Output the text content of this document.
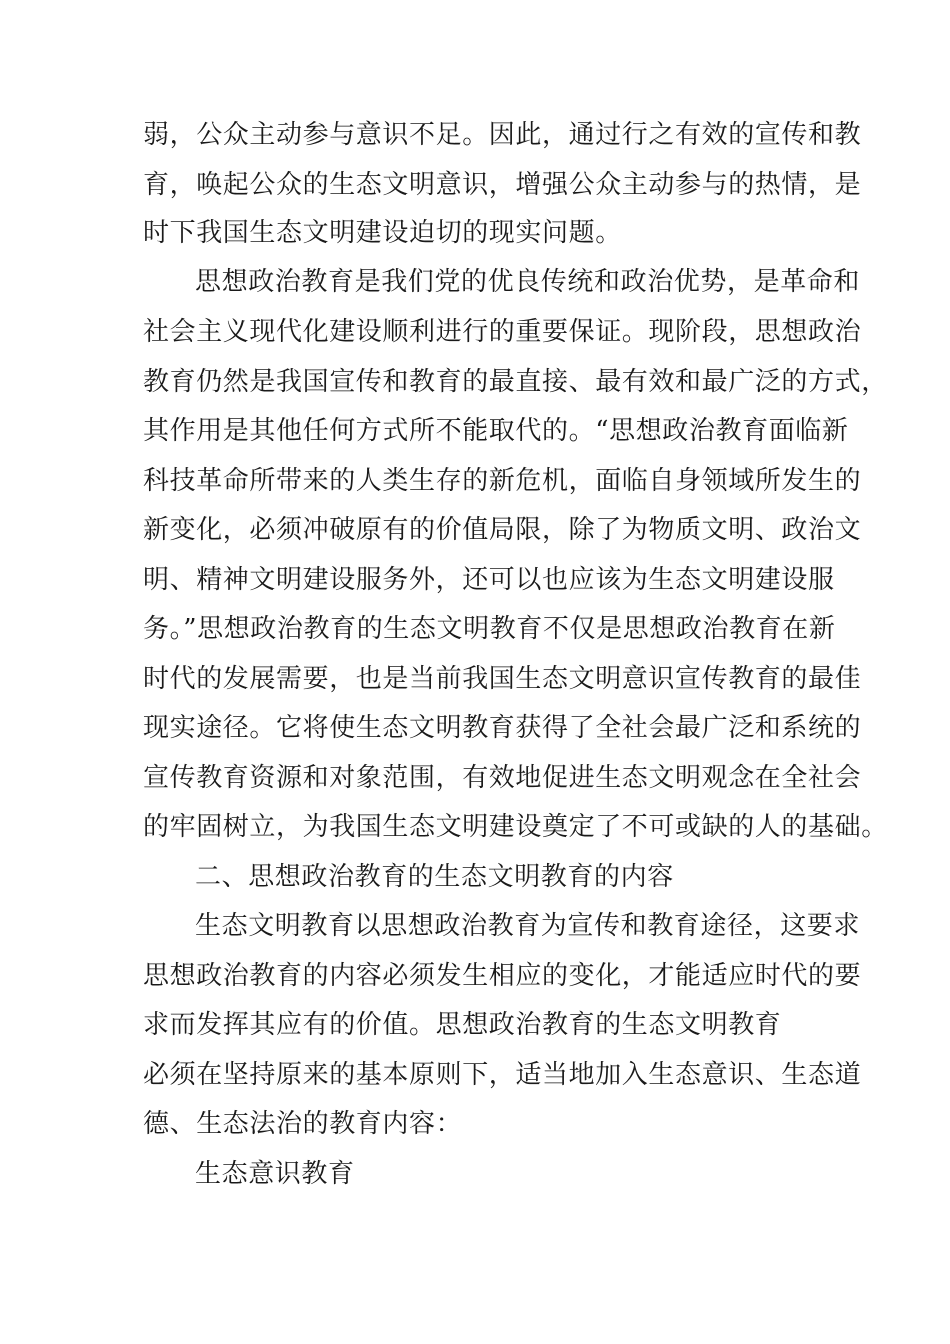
弱，公众主动参与意识不足。因此，通过行之有效的宣传和教
育，唤起公众的生态文明意识，增强公众主动参与的热情，是
时下我国生态文明建设迫切的现实问题。
思想政治教育是我们党的优良传统和政治优势，是革命和
社会主义现代化建设顺利进行的重要保证。现阶段，思想政治
教育仍然是我国宣传和教育的最直接、最有效和最广泛的方式，
其作用是其他任何方式所不能取代的。“思想政治教育面临新
科技革命所带来的人类生存的新危机，面临自身领域所发生的
新变化，必须冲破原有的价值局限，除了为物质文明、政治文
明、精神文明建设服务外，还可以也应该为生态文明建设服
务。”思想政治教育的生态文明教育不仅是思想政治教育在新
时代的发展需要，也是当前我国生态文明意识宣传教育的最佳
现实途径。它将使生态文明教育获得了全社会最广泛和系统的
宣传教育资源和对象范围，有效地促进生态文明观念在全社会
的牢固树立，为我国生态文明建设奠定了不可或缺的人的基础。
二、思想政治教育的生态文明教育的内容
生态文明教育以思想政治教育为宣传和教育途径，这要求
思想政治教育的内容必须发生相应的变化，才能适应时代的要
求而发挥其应有的价值。思想政治教育的生态文明教育
必须在坚持原来的基本原则下，适当地加入生态意识、生态道
德、生态法治的教育内容：
生态意识教育
